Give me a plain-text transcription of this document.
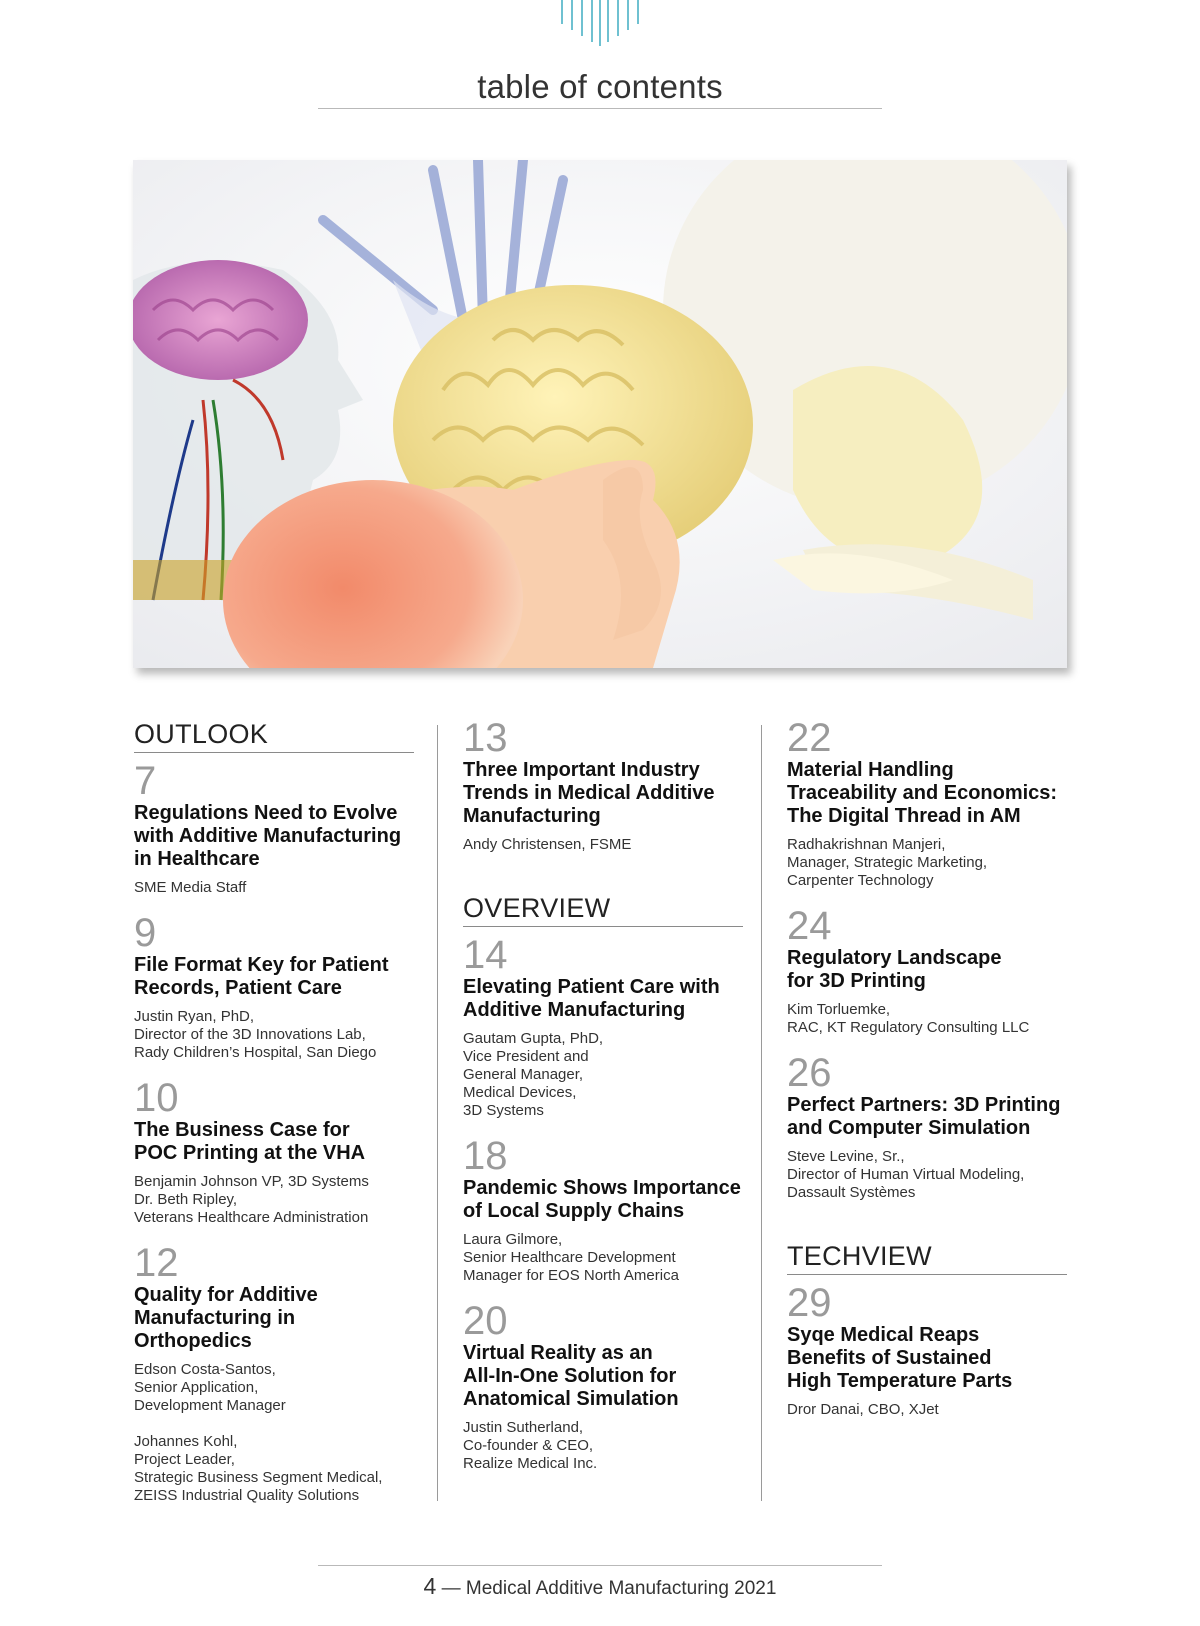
table of contents
OUTLOOK
7
Regulations Need to Evolve with Additive Manufacturing in Healthcare
SME Media Staff
9
File Format Key for Patient Records, Patient Care
Justin Ryan, PhD,
Director of the 3D Innovations Lab,
Rady Children’s Hospital, San Diego
10
The Business Case for
POC Printing at the VHA
Benjamin Johnson VP, 3D Systems
Dr. Beth Ripley,
Veterans Healthcare Administration
12
Quality for Additive Manufacturing in Orthopedics
Edson Costa-Santos,
Senior Application,
Development Manager
Johannes Kohl,
Project Leader,
Strategic Business Segment Medical,
ZEISS Industrial Quality Solutions
13
Three Important Industry Trends in Medical Additive Manufacturing
Andy Christensen, FSME
OVERVIEW
14
Elevating Patient Care with Additive Manufacturing
Gautam Gupta, PhD,
Vice President and
General Manager,
Medical Devices,
3D Systems
18
Pandemic Shows Importance of Local Supply Chains
Laura Gilmore,
Senior Healthcare Development
Manager for EOS North America
20
Virtual Reality as an
All-In-One Solution for
Anatomical Simulation
Justin Sutherland,
Co-founder & CEO,
Realize Medical Inc.
22
Material Handling Traceability and Economics: The Digital Thread in AM
Radhakrishnan Manjeri,
Manager, Strategic Marketing,
Carpenter Technology
24
Regulatory Landscape
for 3D Printing
Kim Torluemke,
RAC, KT Regulatory Consulting LLC
26
Perfect Partners: 3D Printing and Computer Simulation
Steve Levine, Sr.,
Director of Human Virtual Modeling,
Dassault Systèmes
TECHVIEW
29
Syqe Medical Reaps
Benefits of Sustained
High Temperature Parts
Dror Danai, CBO, XJet
4 — Medical Additive Manufacturing 2021
